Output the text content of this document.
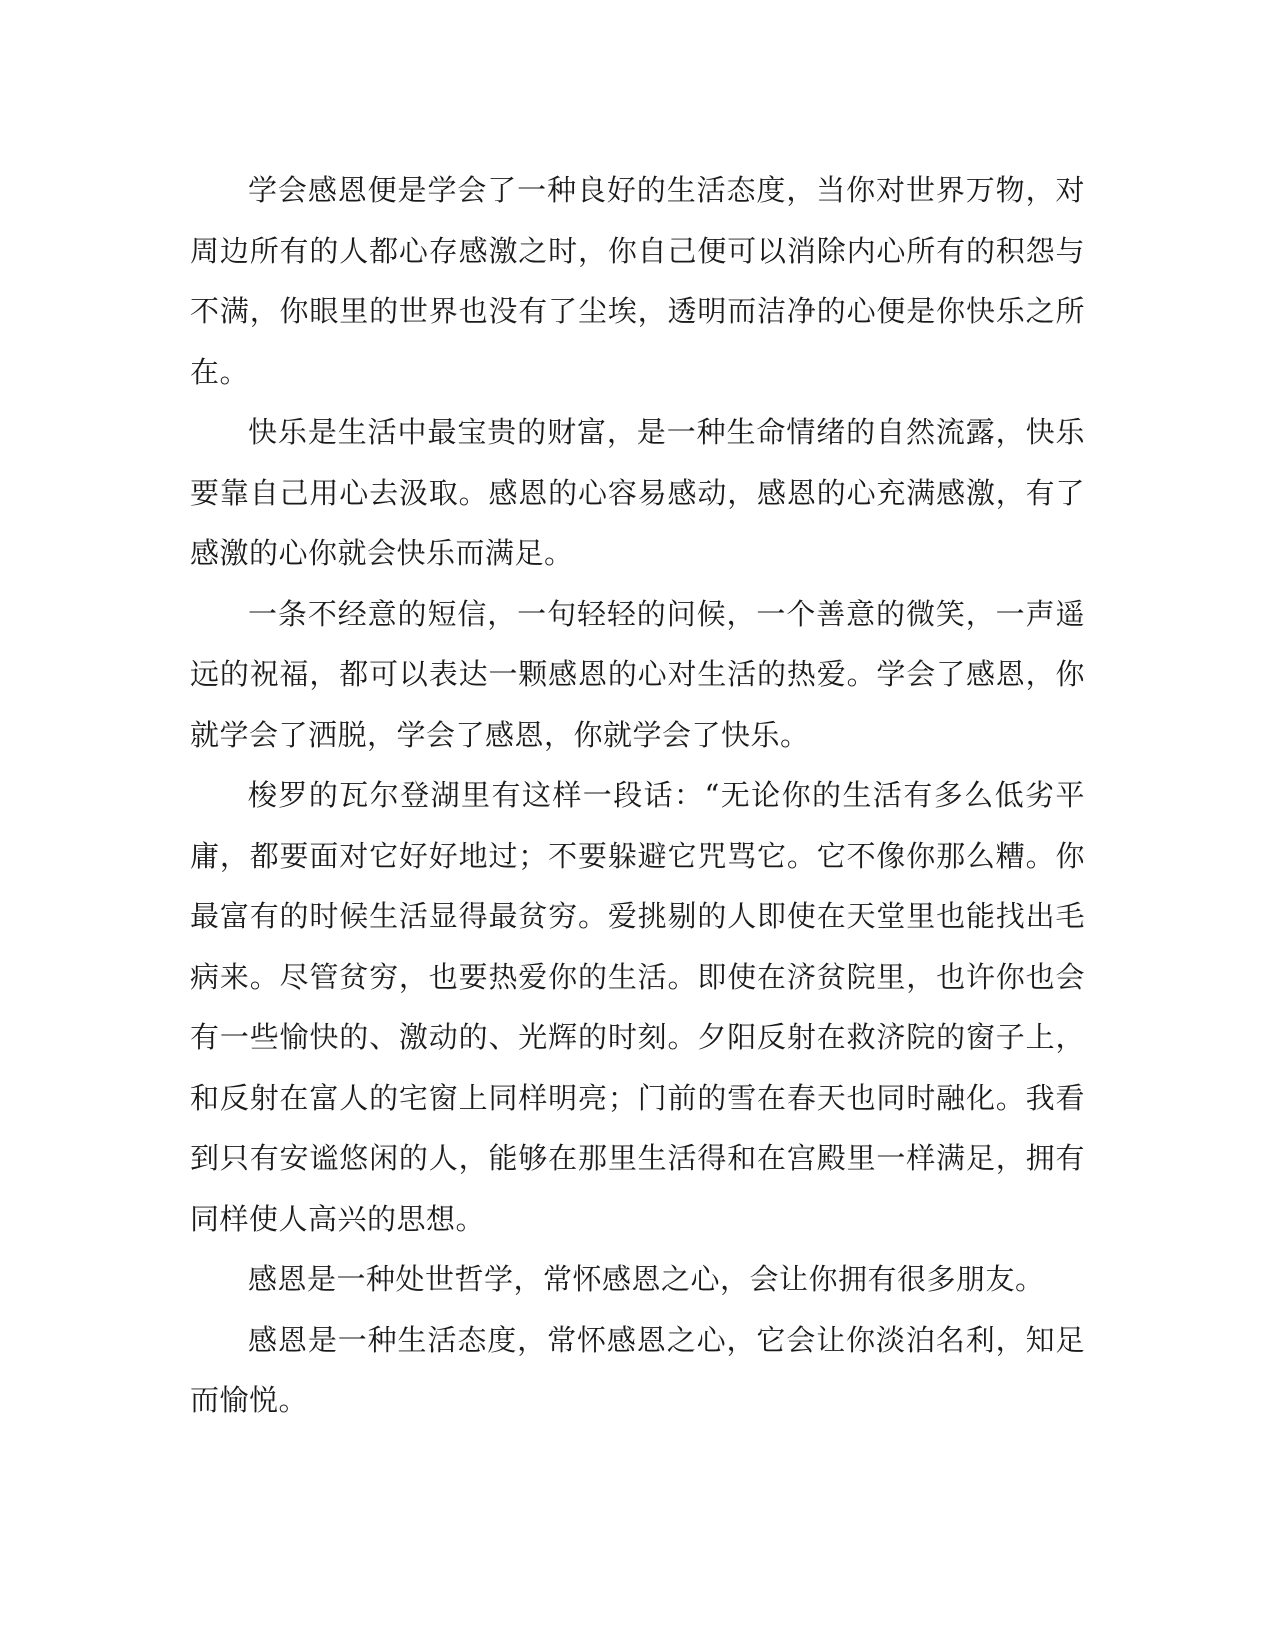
学会感恩便是学会了一种良好的生活态度，当你对世界万物，对周边所有的人都心存感激之时，你自己便可以消除内心所有的积怨与不满，你眼里的世界也没有了尘埃，透明而洁净的心便是你快乐之所在。

快乐是生活中最宝贵的财富，是一种生命情绪的自然流露，快乐要靠自己用心去汲取。感恩的心容易感动，感恩的心充满感激，有了感激的心你就会快乐而满足。

一条不经意的短信，一句轻轻的问候，一个善意的微笑，一声遥远的祝福，都可以表达一颗感恩的心对生活的热爱。学会了感恩，你就学会了洒脱，学会了感恩，你就学会了快乐。

梭罗的瓦尔登湖里有这样一段话：“无论你的生活有多么低劣平庸，都要面对它好好地过；不要躲避它咒骂它。它不像你那么糟。你最富有的时候生活显得最贫穷。爱挑剔的人即使在天堂里也能找出毛病来。尽管贫穷，也要热爱你的生活。即使在济贫院里，也许你也会有一些愉快的、激动的、光辉的时刻。夕阳反射在救济院的窗子上，和反射在富人的宅窗上同样明亮；门前的雪在春天也同时融化。我看到只有安谧悠闲的人，能够在那里生活得和在宫殿里一样满足，拥有同样使人高兴的思想。

感恩是一种处世哲学，常怀感恩之心，会让你拥有很多朋友。

感恩是一种生活态度，常怀感恩之心，它会让你淡泊名利，知足而愉悦。
